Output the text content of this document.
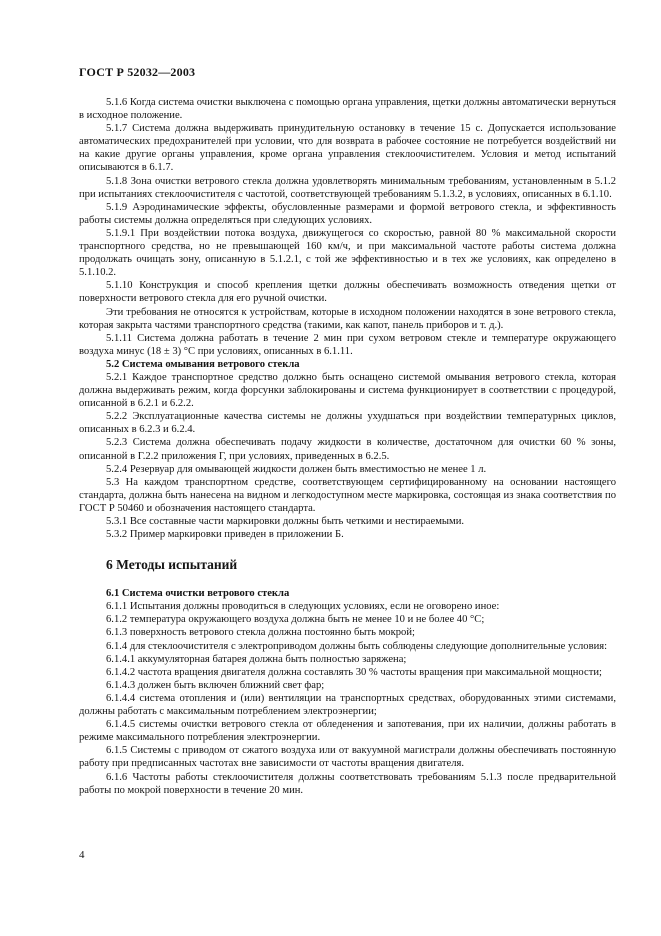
ГОСТ Р 52032—2003

5.1.6 Когда система очистки выключена с помощью органа управления, щетки должны автоматически вернуться в исходное положение.

5.1.7 Система должна выдерживать принудительную остановку в течение 15 с. Допускается использование автоматических предохранителей при условии, что для возврата в рабочее состояние не потребуется воздействий ни на какие другие органы управления, кроме органа управления стеклоочистителем. Условия и метод испытаний описываются в 6.1.7.

5.1.8 Зона очистки ветрового стекла должна удовлетворять минимальным требованиям, установленным в 5.1.2 при испытаниях стеклоочистителя с частотой, соответствующей требованиям 5.1.3.2, в условиях, описанных в 6.1.10.

5.1.9 Аэродинамические эффекты, обусловленные размерами и формой ветрового стекла, и эффективность работы системы должна определяться при следующих условиях.

5.1.9.1 При воздействии потока воздуха, движущегося со скоростью, равной 80 % максимальной скорости транспортного средства, но не превышающей 160 км/ч, и при максимальной частоте работы система должна продолжать очищать зону, описанную в 5.1.2.1, с той же эффективностью и в тех же условиях, как определено в 5.1.10.2.

5.1.10 Конструкция и способ крепления щетки должны обеспечивать возможность отведения щетки от поверхности ветрового стекла для его ручной очистки.

Эти требования не относятся к устройствам, которые в исходном положении находятся в зоне ветрового стекла, которая закрыта частями транспортного средства (такими, как капот, панель приборов и т. д.).

5.1.11 Система должна работать в течение 2 мин при сухом ветровом стекле и температуре окружающего воздуха минус (18 ± 3) °С при условиях, описанных в 6.1.11.

5.2 Система омывания ветрового стекла

5.2.1 Каждое транспортное средство должно быть оснащено системой омывания ветрового стекла, которая должна выдерживать режим, когда форсунки заблокированы и система функционирует в соответствии с процедурой, описанной в 6.2.1 и 6.2.2.

5.2.2 Эксплуатационные качества системы не должны ухудшаться при воздействии температурных циклов, описанных в 6.2.3 и 6.2.4.

5.2.3 Система должна обеспечивать подачу жидкости в количестве, достаточном для очистки 60 % зоны, описанной в Г.2.2 приложения Г, при условиях, приведенных в 6.2.5.

5.2.4 Резервуар для омывающей жидкости должен быть вместимостью не менее 1 л.

5.3 На каждом транспортном средстве, соответствующем сертифицированному на основании настоящего стандарта, должна быть нанесена на видном и легкодоступном месте маркировка, состоящая из знака соответствия по ГОСТ Р 50460 и обозначения настоящего стандарта.

5.3.1 Все составные части маркировки должны быть четкими и нестираемыми.

5.3.2 Пример маркировки приведен в приложении Б.

6 Методы испытаний

6.1 Система очистки ветрового стекла

6.1.1 Испытания должны проводиться в следующих условиях, если не оговорено иное:

6.1.2 температура окружающего воздуха должна быть не менее 10 и не более 40 °С;

6.1.3 поверхность ветрового стекла должна постоянно быть мокрой;

6.1.4 для стеклоочистителя с электроприводом должны быть соблюдены следующие дополнительные условия:

6.1.4.1 аккумуляторная батарея должна быть полностью заряжена;

6.1.4.2 частота вращения двигателя должна составлять 30 % частоты вращения при максимальной мощности;

6.1.4.3 должен быть включен ближний свет фар;

6.1.4.4 система отопления и (или) вентиляции на транспортных средствах, оборудованных этими системами, должны работать с максимальным потреблением электроэнергии;

6.1.4.5 системы очистки ветрового стекла от обледенения и запотевания, при их наличии, должны работать в режиме максимального потребления электроэнергии.

6.1.5 Системы с приводом от сжатого воздуха или от вакуумной магистрали должны обеспечивать постоянную работу при предписанных частотах вне зависимости от частоты вращения двигателя.

6.1.6 Частоты работы стеклоочистителя должны соответствовать требованиям 5.1.3 после предварительной работы по мокрой поверхности в течение 20 мин.

4
